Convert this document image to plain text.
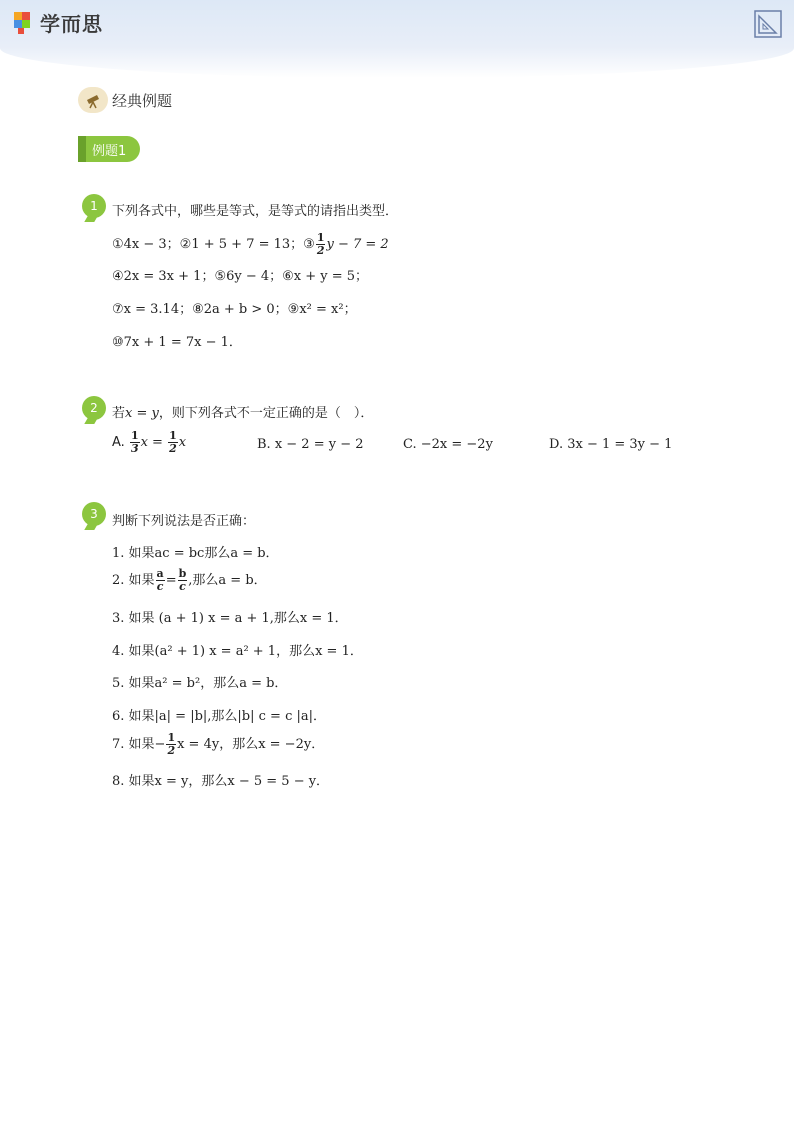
学而思
经典例题
例题1
1	下列各式中，哪些是等式，是等式的请指出类型．
①4x − 3；②1 + 5 + 7 = 13；③ $\frac{1}{2}$ y − 7 = 2
④2x = 3x + 1；⑤6y − 4；⑥x + y = 5；
⑦x = 3.14；⑧2a + b > 0；⑨x² = x²；
⑩7x + 1 = 7x − 1．
2	若x = y，则下列各式不一定正确的是（　）．
A. $\frac{1}{3}$ $x = \frac{1}{2}$ x	B. x − 2 = y − 2	C. −2x = −2y	D. 3x − 1 = 3y − 1
3	判断下列说法是否正确：
1. 如果ac = bc那么a = b．
2. 如果 $\frac{a}{c} = \frac{b}{c}$ ,那么a = b．
3. 如果 (a + 1) x = a + 1,那么x = 1．
4. 如果(a² + 1) x = a² + 1，那么x = 1．
5. 如果a² = b²，那么a = b．
6. 如果|a| = |b|,那么|b| c = c |a|．
7. 如果− $\frac{1}{2}$ x = 4y，那么x = −2y．
8. 如果x = y，那么x − 5 = 5 − y．
